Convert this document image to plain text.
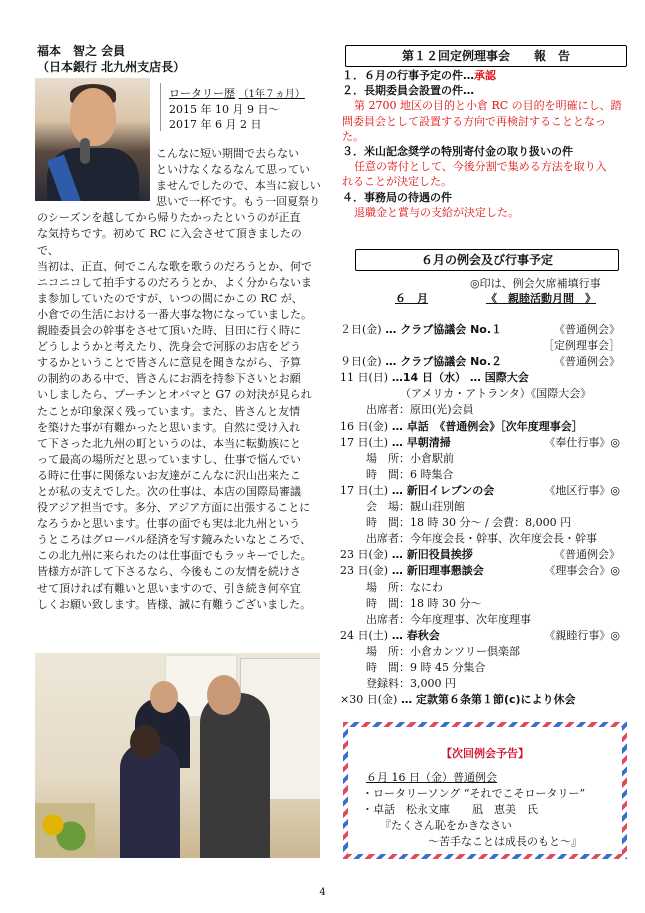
福本　智之 会員
（日本銀行 北九州支店長）
ロータリー歴 （1年７ヵ月）
2015 年 10 月 9 日～
2017 年 6 月 2 日
こんなに短い期間で去らない
といけなくなるなんて思ってい
ませんでしたので、本当に寂しい
思いで一杯です。もう一回夏祭り
のシーズンを越してから帰りたかったというのが正直
な気持ちです。初めて RC に入会させて頂きましたので、
当初は、正直、何でこんな歌を歌うのだろうとか、何で
ニコニコして拍手するのだろうとか、よく分からないま
ま参加していたのですが、いつの間にかこの RC が、
小倉での生活における一番大事な物になっていました。
親睦委員会の幹事をさせて頂いた時、目田に行く時に
どうしようかと考えたり、洗身会で河豚のお店をどう
するかということで皆さんに意見を聞きながら、予算
の制約のある中で、皆さんにお酒を持参下さいとお願
いしましたら、プーチンとオバマと G7 の対決が見られ
たことが印象深く残っています。また、皆さんと友情
を築けた事が有難かったと思います。自然に受け入れ
て下さった北九州の町というのは、本当に転勤族にと
って最高の場所だと思っていますし、仕事で悩んでい
る時に仕事に関係ないお友達がこんなに沢山出来たこ
とが私の支えでした。次の仕事は、本店の国際局審議
役アジア担当です。多分、アジア方面に出張することに
なろうかと思います。仕事の面でも実は北九州という
うところはグローバル経済を写す鏡みたいなところで、
この北九州に来られたのは仕事面でもラッキーでした。
皆様方が許して下さるなら、今後もこの友情を続けさ
せて頂ければ有難いと思いますので、引き続き何卒宜
しくお願い致します。皆様、誠に有難うございました。
第１２回定例理事会　　報　告
１．６月の行事予定の件…承認
２．長期委員会設置の件…
第 2700 地区の目的と小倉 RC の目的を明確にし、踏
問委員会として設置する方向で再検討することとなっ
た。
３．米山記念奨学の特別寄付金の取り扱いの件
任意の寄付として、今後分割で集める方法を取り入
れることが決定した。
４．事務局の待遇の件
退職金と賞与の支給が決定した。
６月の例会及び行事予定
◎印は、例会欠席補填行事
６　月	《　親睦活動月間　》
２日(金) … クラブ協議会 No.１	《普通例会》
［定例理事会］
９日(金) … クラブ協議会 No.２	《普通例会》
11 日(日) …14 日（水） … 国際大会
（アメリカ・アトランタ）《国際大会》
出席者：原田(光)会員
16 日(金) … 卓話　《普通例会》［次年度理事会］
17 日(土) … 早朝清掃	《奉仕行事》◎
場　所：小倉駅前
時　間：6 時集合
17 日(土) … 新旧イレブンの会	《地区行事》◎
会　場：観山荘別館
時　間：18 時 30 分～ / 会費：8,000 円
出席者：今年度会長・幹事、次年度会長・幹事
23 日(金) … 新旧役員挨拶	《普通例会》
23 日(金) … 新旧理事懇談会	《理事会合》◎
場　所：なにわ
時　間：18 時 30 分～
出席者：今年度理事、次年度理事
24 日(土) … 春秋会	《親睦行事》◎
場　所：小倉カンツリー倶楽部
時　間：9 時 45 分集合
登録料：3,000 円
×30 日(金) … 定款第６条第１節(c)により休会
【次回例会予告】
６月 16 日（金）普通例会
・ロータリーソング “それでこそロータリー”
・卓話　松永文庫　　凪　恵美　氏
『たくさん恥をかきなさい
～苦手なことは成長のもと～』
4
